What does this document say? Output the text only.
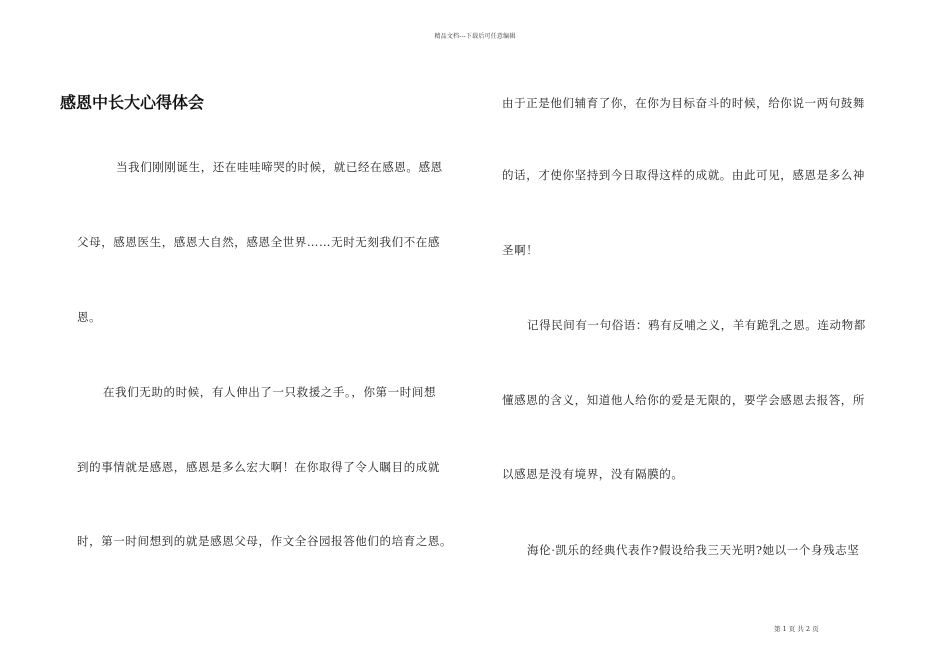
精品文档---下载后可任意编辑
感恩中长大心得体会
当我们刚刚诞生，还在哇哇啼哭的时候，就已经在感恩。感恩
父母，感恩医生，感恩大自然，感恩全世界……无时无刻我们不在感
恩。
在我们无助的时候，有人伸出了一只救援之手。，你第一时间想
到的事情就是感恩，感恩是多么宏大啊！在你取得了令人瞩目的成就
时，第一时间想到的就是感恩父母，作文全谷园报答他们的培育之恩。
由于正是他们辅育了你，在你为目标奋斗的时候，给你说一两句鼓舞
的话，才使你坚持到今日取得这样的成就。由此可见，感恩是多么神
圣啊！
记得民间有一句俗语：鸦有反哺之义，羊有跪乳之恩。连动物都
懂感恩的含义，知道他人给你的爱是无限的，要学会感恩去报答，所
以感恩是没有境界，没有隔膜的。
海伦·凯乐的经典代表作?假设给我三天光明?她以一个身残志坚
第 1 页 共 2 页
